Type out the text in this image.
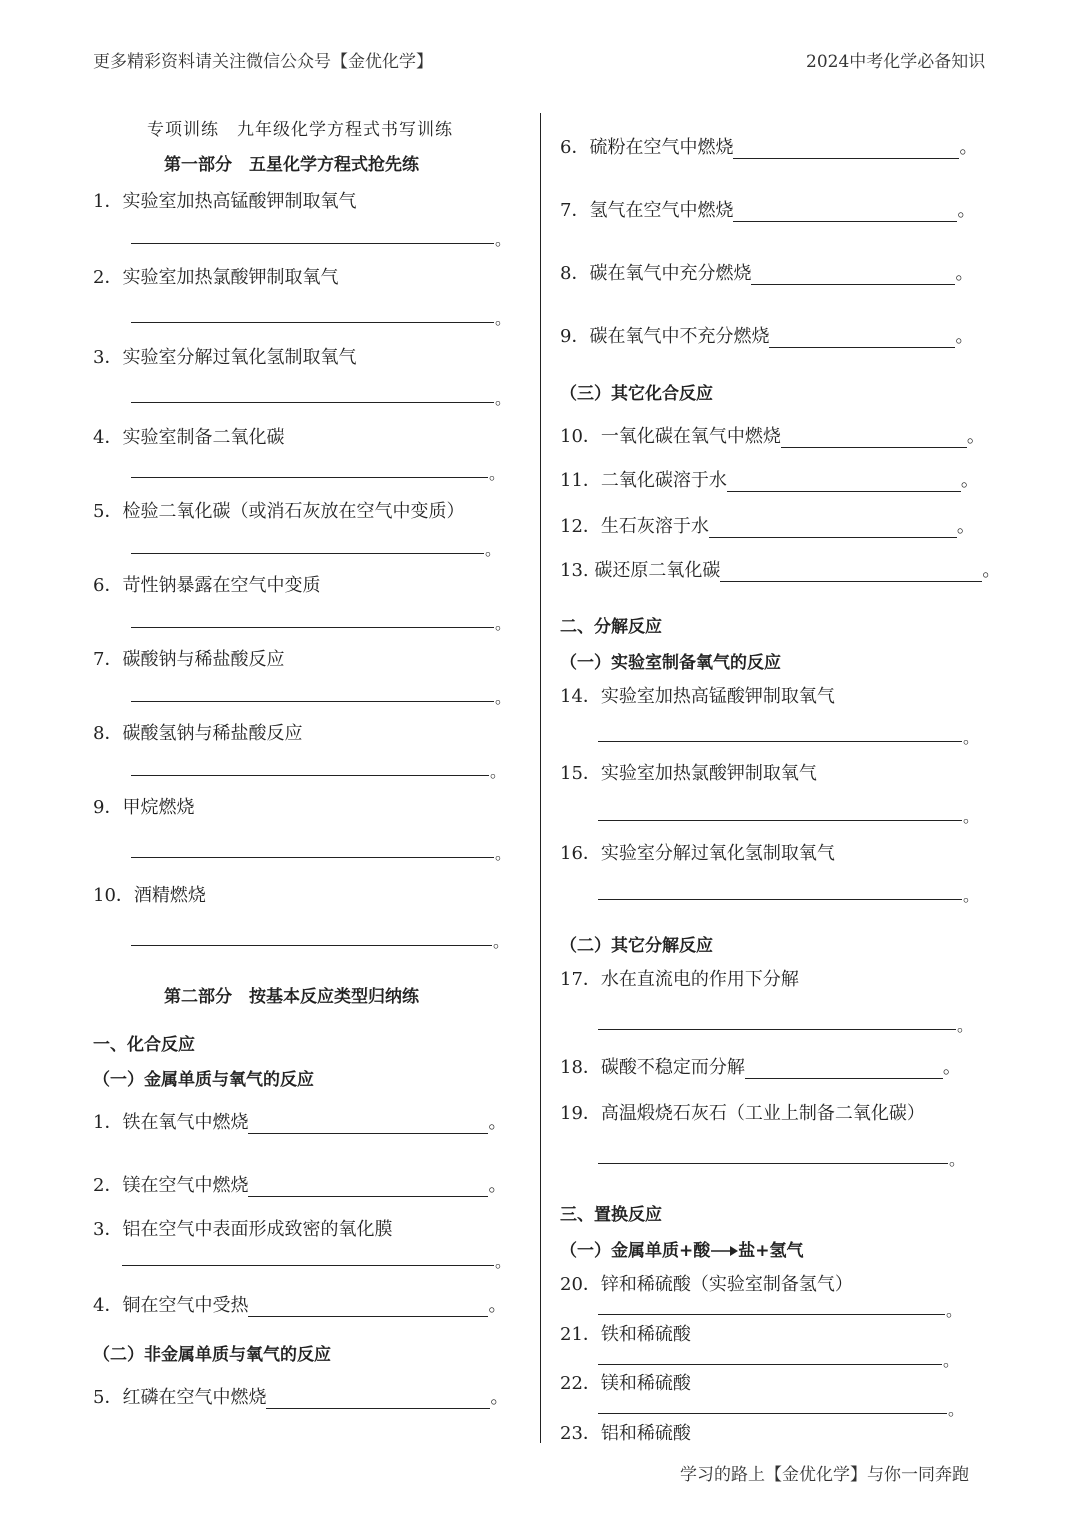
更多精彩资料请关注微信公众号【金优化学】	2024中考化学必备知识
专项训练　九年级化学方程式书写训练
第一部分　五星化学方程式抢先练
1．实验室加热高锰酸钾制取氧气
。
2．实验室加热氯酸钾制取氧气
。
3．实验室分解过氧化氢制取氧气
。
4．实验室制备二氧化碳
。
5．检验二氧化碳（或消石灰放在空气中变质）
。
6．苛性钠暴露在空气中变质
。
7．碳酸钠与稀盐酸反应
。
8．碳酸氢钠与稀盐酸反应
。
9．甲烷燃烧
。
10．酒精燃烧
。
第二部分　按基本反应类型归纳练
一、化合反应
（一）金属单质与氧气的反应
1．铁在氧气中燃烧	。
2．镁在空气中燃烧	。
3．铝在空气中表面形成致密的氧化膜
。
4．铜在空气中受热	。
（二）非金属单质与氧气的反应
5．红磷在空气中燃烧	。
6．硫粉在空气中燃烧	。
7．氢气在空气中燃烧	。
8．碳在氧气中充分燃烧	。
9．碳在氧气中不充分燃烧	。
（三）其它化合反应
10．一氧化碳在氧气中燃烧	。
11．二氧化碳溶于水	。
12．生石灰溶于水	。
13. 碳还原二氧化碳	。
二、分解反应
（一）实验室制备氧气的反应
14．实验室加热高锰酸钾制取氧气
。
15．实验室加热氯酸钾制取氧气
。
16．实验室分解过氧化氢制取氧气
。
（二）其它分解反应
17．水在直流电的作用下分解
。
18．碳酸不稳定而分解	。
19．高温煅烧石灰石（工业上制备二氧化碳）
。
三、置换反应
（一）金属单质+酸→盐+氢气
20．锌和稀硫酸（实验室制备氢气）
。
21．铁和稀硫酸
。
22．镁和稀硫酸
。
23．铝和稀硫酸
学习的路上【金优化学】与你一同奔跑
